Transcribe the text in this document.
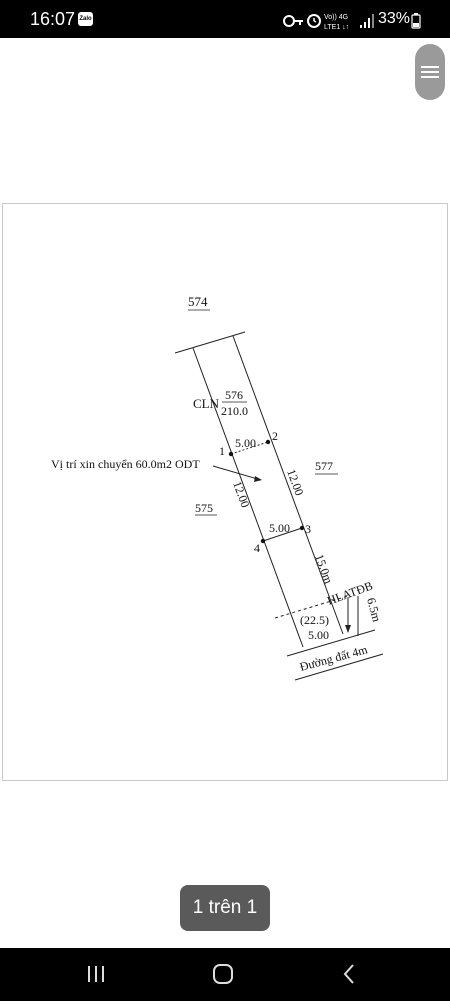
16:07 Zalo	Vo)) 4G
LTE1 ↓↑
33%
574
CLN
576
210.0
1
2
3
4
5.00
5.00
12.00	12.00
577
575
Vị trí xin chuyển 60.0m2 ODT
15.0m
HLATĐB
6.5m
(22.5)
5.00
Đường đất 4m
1 trên 1
